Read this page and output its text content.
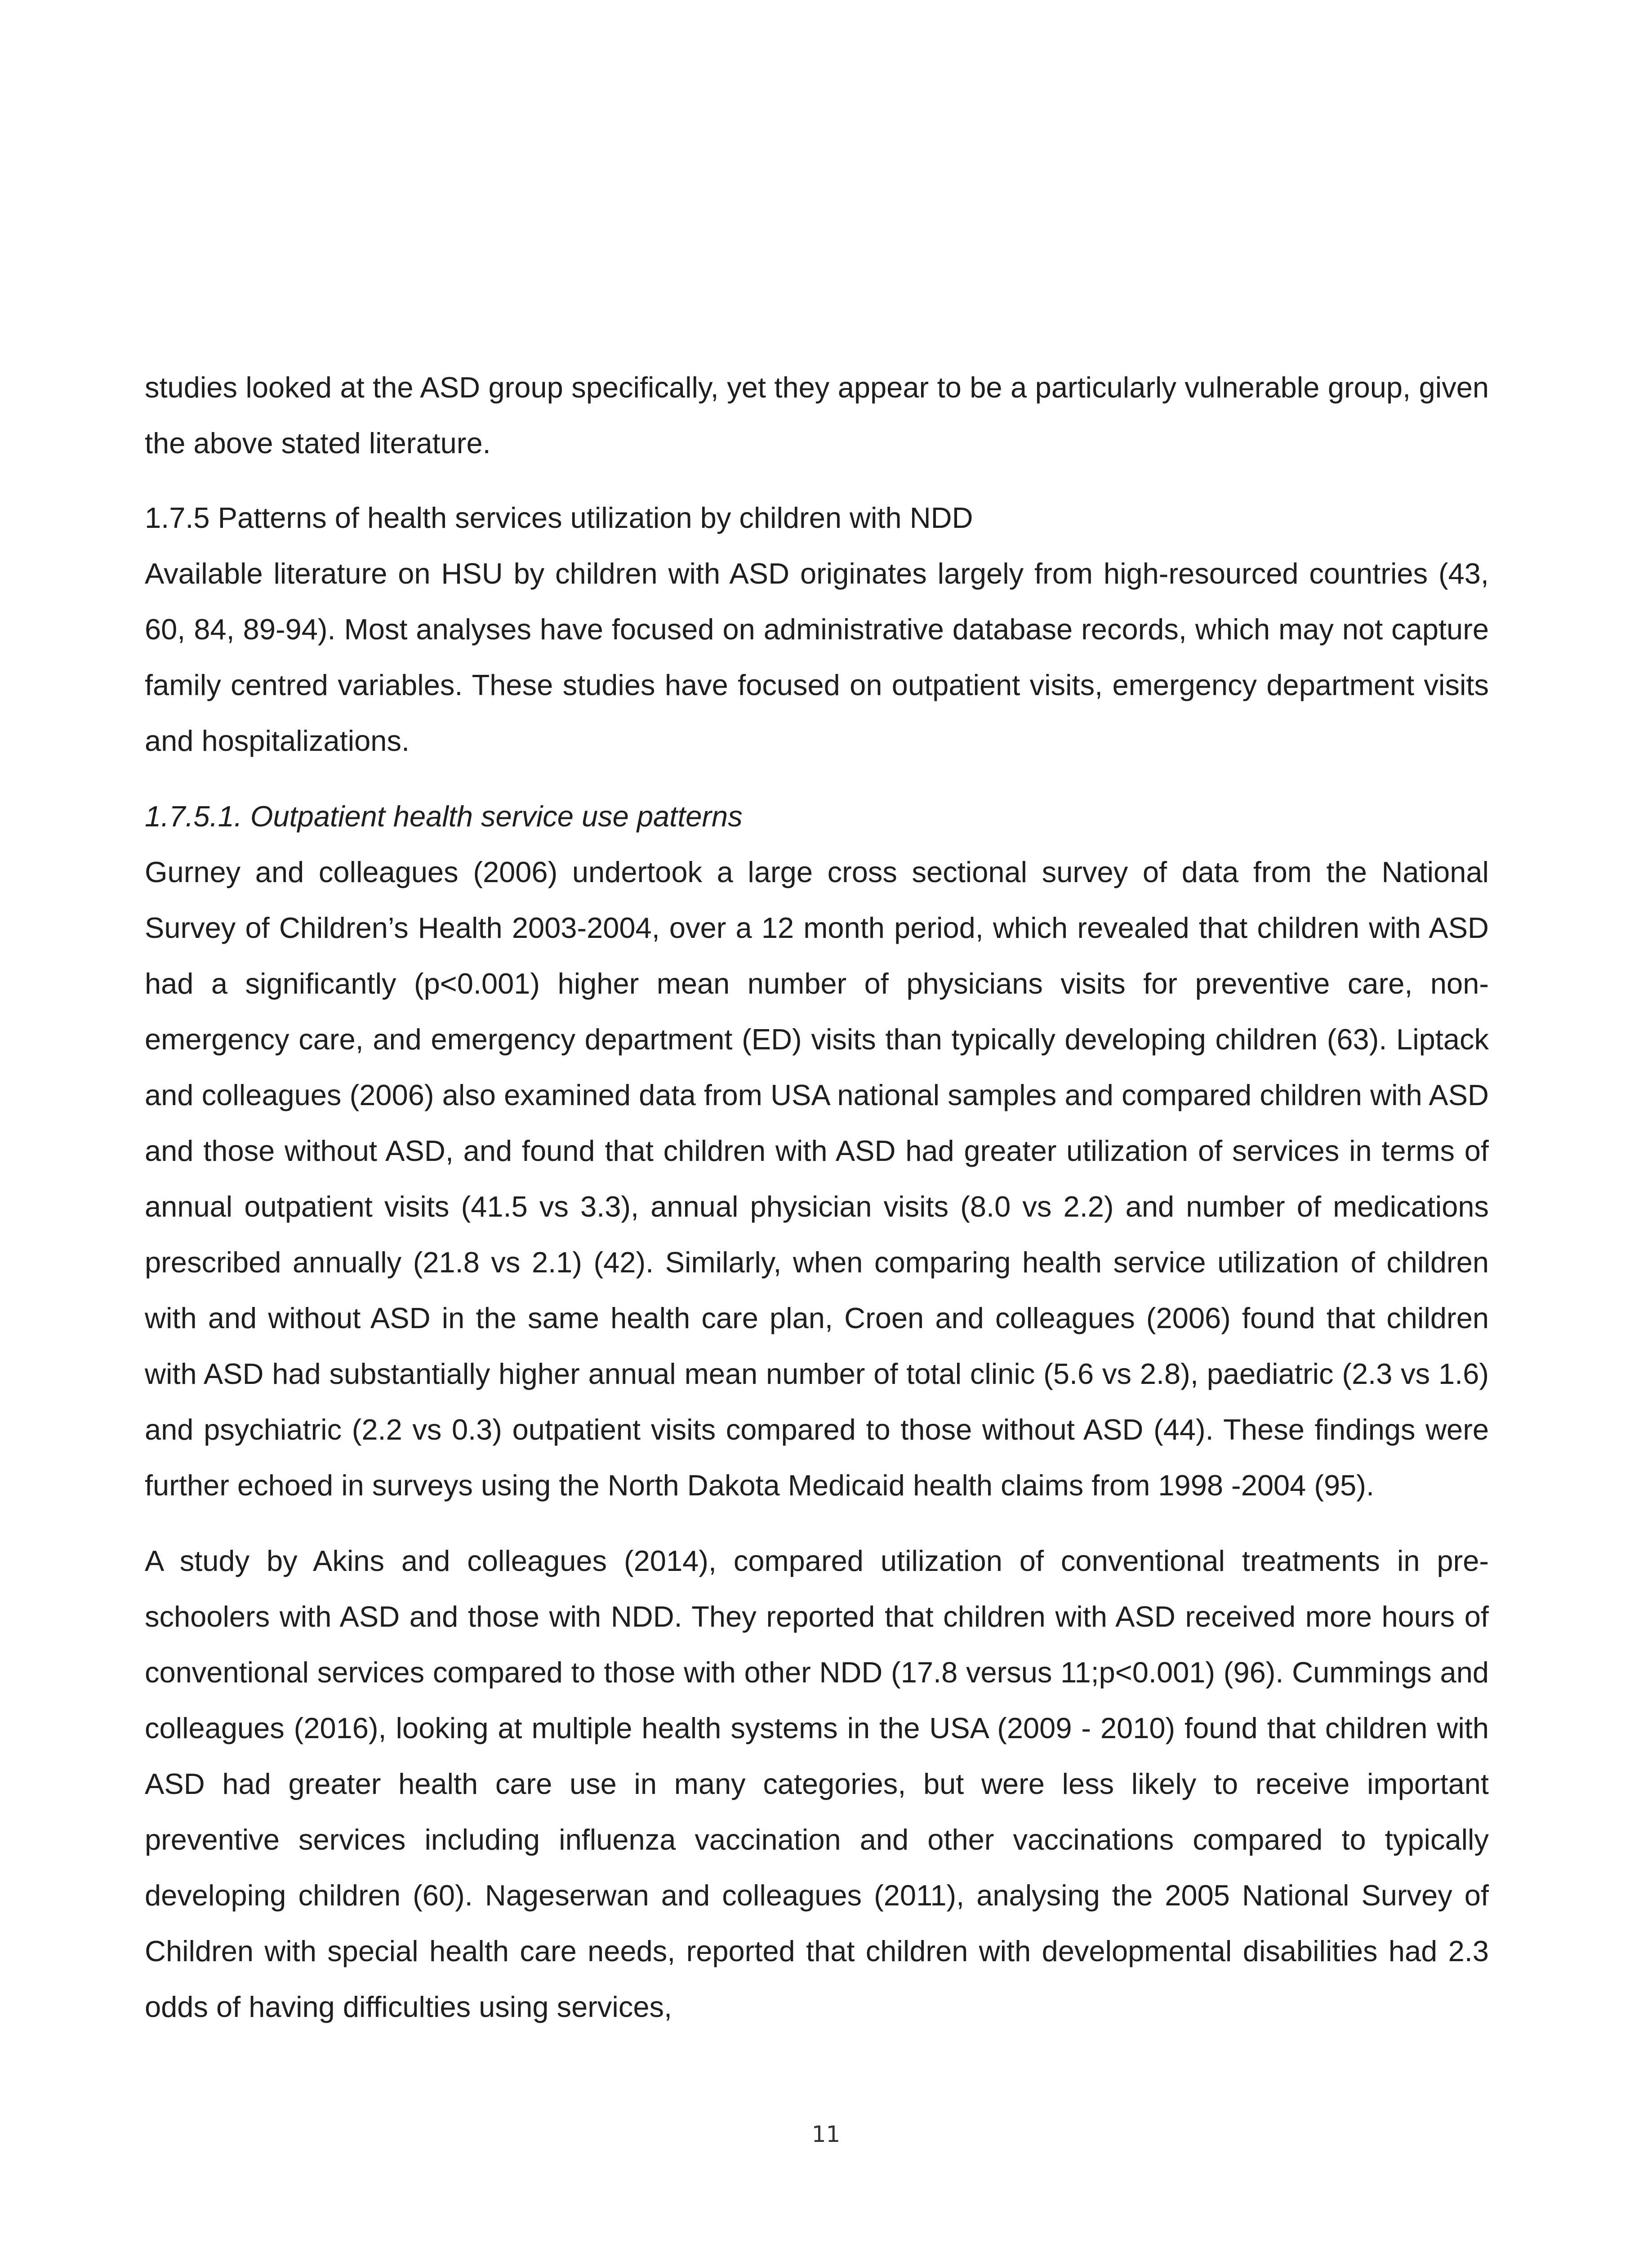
studies looked at the ASD group specifically, yet they appear to be a particularly vulnerable group, given the above stated literature.

1.7.5 Patterns of health services utilization by children with NDD

Available literature on HSU by children with ASD originates largely from high-resourced countries (43, 60, 84, 89-94). Most analyses have focused on administrative database records, which may not capture family centred variables. These studies have focused on outpatient visits, emergency department visits and hospitalizations.

1.7.5.1. Outpatient health service use patterns

Gurney and colleagues (2006) undertook a large cross sectional survey of data from the National Survey of Children’s Health 2003-2004, over a 12 month period, which revealed that children with ASD had a significantly (p<0.001) higher mean number of physicians visits for preventive care, non-emergency care, and emergency department (ED) visits than typically developing children (63). Liptack and colleagues (2006) also examined data from USA national samples and compared children with ASD and those without ASD, and found that children with ASD had greater utilization of services in terms of annual outpatient visits (41.5 vs 3.3), annual physician visits (8.0 vs 2.2) and number of medications prescribed annually (21.8 vs 2.1) (42). Similarly, when comparing health service utilization of children with and without ASD in the same health care plan, Croen and colleagues (2006) found that children with ASD had substantially higher annual mean number of total clinic (5.6 vs 2.8), paediatric (2.3 vs 1.6) and psychiatric (2.2 vs 0.3) outpatient visits compared to those without ASD (44). These findings were further echoed in surveys using the North Dakota Medicaid health claims from 1998 -2004 (95).

A study by Akins and colleagues (2014), compared utilization of conventional treatments in pre-schoolers with ASD and those with NDD. They reported that children with ASD received more hours of conventional services compared to those with other NDD (17.8 versus 11;p<0.001) (96). Cummings and colleagues (2016), looking at multiple health systems in the USA (2009 - 2010) found that children with ASD had greater health care use in many categories, but were less likely to receive important preventive services including influenza vaccination and other vaccinations compared to typically developing children (60). Nageserwan and colleagues (2011), analysing the 2005 National Survey of Children with special health care needs, reported that children with developmental disabilities had 2.3 odds of having difficulties using services,

11
